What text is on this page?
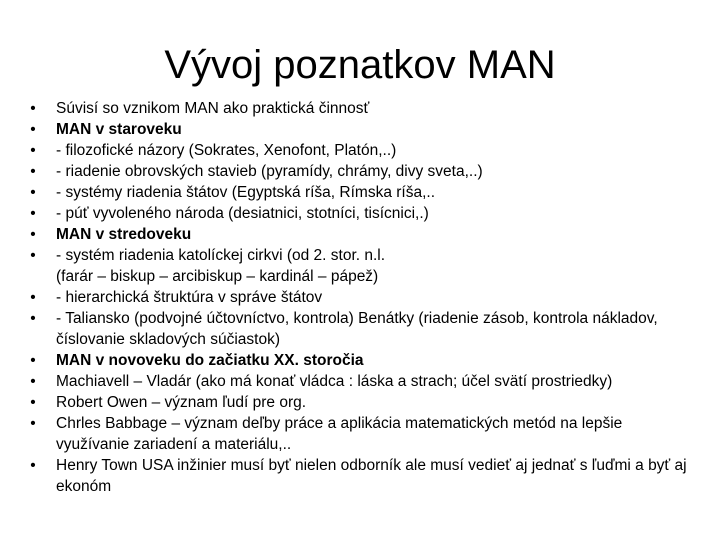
Vývoj poznatkov MAN
• Súvisí so vznikom MAN ako praktická činnosť
• MAN v staroveku
• - filozofické názory (Sokrates, Xenofont, Platón,..)
• - riadenie obrovských stavieb (pyramídy, chrámy, divy sveta,..)
• - systémy riadenia štátov (Egyptská ríša, Rímska ríša,..
• - púť vyvoleného národa (desiatnici, stotníci, tisícnici,.)
• MAN v stredoveku
• - systém riadenia katolíckej cirkvi (od 2. stor. n.l.
(farár – biskup – arcibiskup – kardinál – pápež)
• - hierarchická štruktúra v správe štátov
• - Taliansko (podvojné účtovníctvo, kontrola) Benátky (riadenie zásob, kontrola nákladov, číslovanie skladových súčiastok)
• MAN v novoveku do začiatku XX. storočia
• Machiavell – Vladár (ako má konať vládca : láska a strach; účel svätí prostriedky)
• Robert Owen – význam ľudí pre org.
• Chrles Babbage – význam deľby práce a aplikácia matematických metód na lepšie využívanie zariadení a materiálu,..
• Henry Town USA inžinier musí byť nielen odborník ale musí vedieť aj jednať s ľuďmi a byť aj ekonóm
